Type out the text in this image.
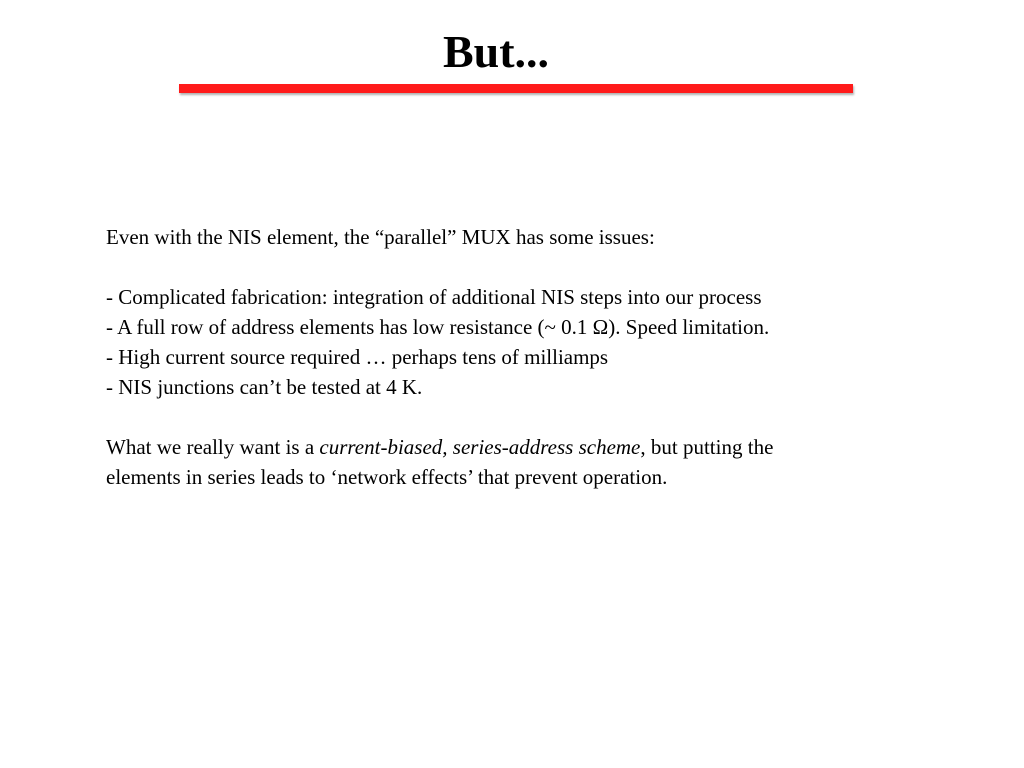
But...
Even with the NIS element, the “parallel” MUX has some issues:
- Complicated fabrication: integration of additional NIS steps into our process
- A full row of address elements has low resistance (~ 0.1 Ω). Speed limitation.
- High current source required … perhaps tens of milliamps
- NIS junctions can’t be tested at 4 K.
What we really want is a current-biased, series-address scheme, but putting the
elements in series leads to ‘network effects’ that prevent operation.
